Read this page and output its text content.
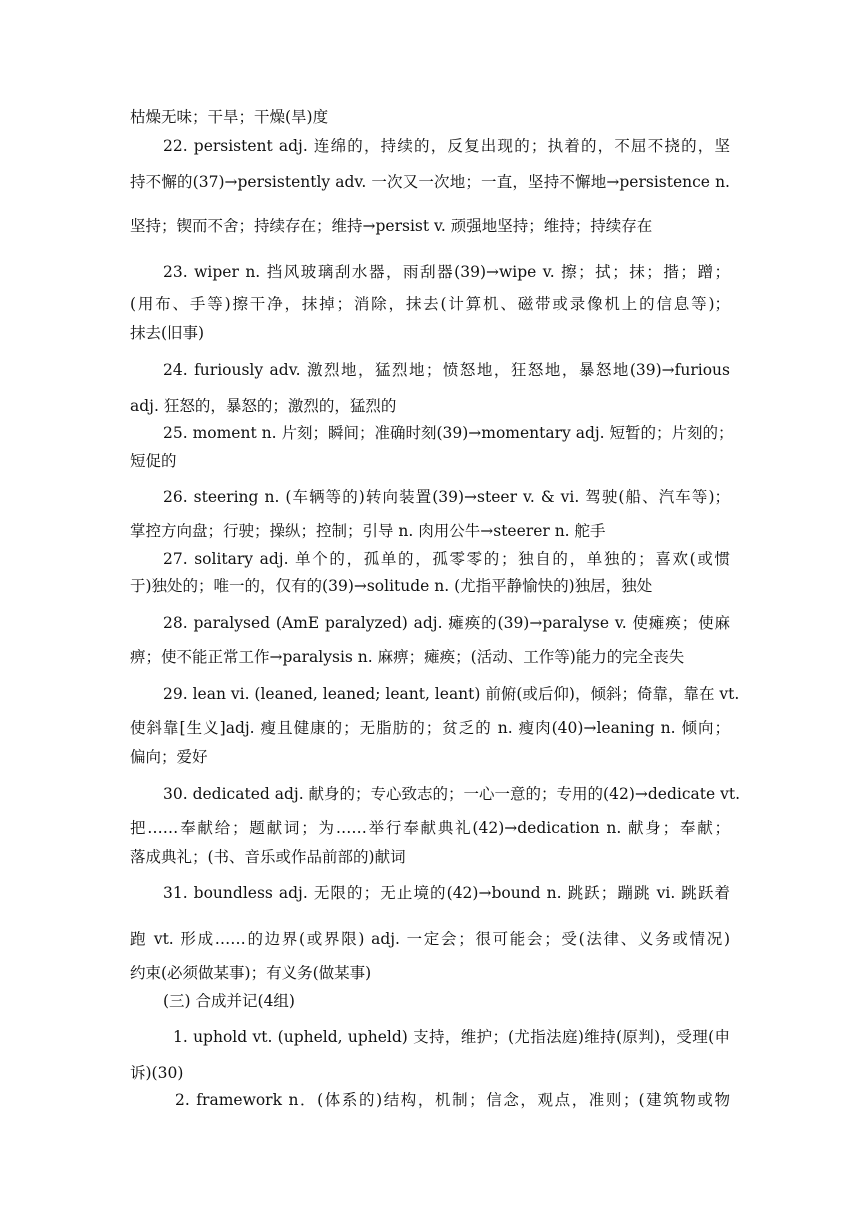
枯燥无味；干旱；干燥(旱)度
22. persistent adj. 连绵的，持续的，反复出现的；执着的，不屈不挠的，坚
持不懈的(37)→persistently adv. 一次又一次地；一直，坚持不懈地→persistence n.
坚持；锲而不舍；持续存在；维持→persist v. 顽强地坚持；维持；持续存在
23. wiper n. 挡风玻璃刮水器，雨刮器(39)→wipe v. 擦；拭；抹；揩；蹭；
(用布、手等)擦干净，抹掉；消除，抹去(计算机、磁带或录像机上的信息等)；
抹去(旧事)
24. furiously adv. 激烈地，猛烈地；愤怒地，狂怒地，暴怒地(39)→furious
adj. 狂怒的，暴怒的；激烈的，猛烈的
25. moment n. 片刻；瞬间；准确时刻(39)→momentary adj. 短暂的；片刻的；
短促的
26. steering n. (车辆等的)转向装置(39)→steer v. & vi. 驾驶(船、汽车等)；
掌控方向盘；行驶；操纵；控制；引导 n. 肉用公牛→steerer n. 舵手
27. solitary adj. 单个的，孤单的，孤零零的；独自的，单独的；喜欢(或惯
于)独处的；唯一的，仅有的(39)→solitude n. (尤指平静愉快的)独居，独处
28. paralysed (AmE paralyzed) adj. 瘫痪的(39)→paralyse v. 使瘫痪；使麻
痹；使不能正常工作→paralysis n. 麻痹；瘫痪；(活动、工作等)能力的完全丧失
29. lean vi. (leaned, leaned; leant, leant) 前俯(或后仰)，倾斜；倚靠，靠在 vt.
使斜靠[生义]adj. 瘦且健康的；无脂肪的；贫乏的 n. 瘦肉(40)→leaning n. 倾向；
偏向；爱好
30. dedicated adj. 献身的；专心致志的；一心一意的；专用的(42)→dedicate vt.
把……奉献给；题献词；为……举行奉献典礼(42)→dedication n. 献身；奉献；
落成典礼；(书、音乐或作品前部的)献词
31. boundless adj. 无限的；无止境的(42)→bound n. 跳跃；蹦跳 vi. 跳跃着
跑 vt. 形成……的边界(或界限) adj. 一定会；很可能会；受(法律、义务或情况)
约束(必须做某事)；有义务(做某事)
(三) 合成并记(4组)
1. uphold vt. (upheld, upheld) 支持，维护；(尤指法庭)维持(原判)，受理(申
诉)(30)
2. framework n．(体系的)结构，机制；信念，观点，准则；(建筑物或物
